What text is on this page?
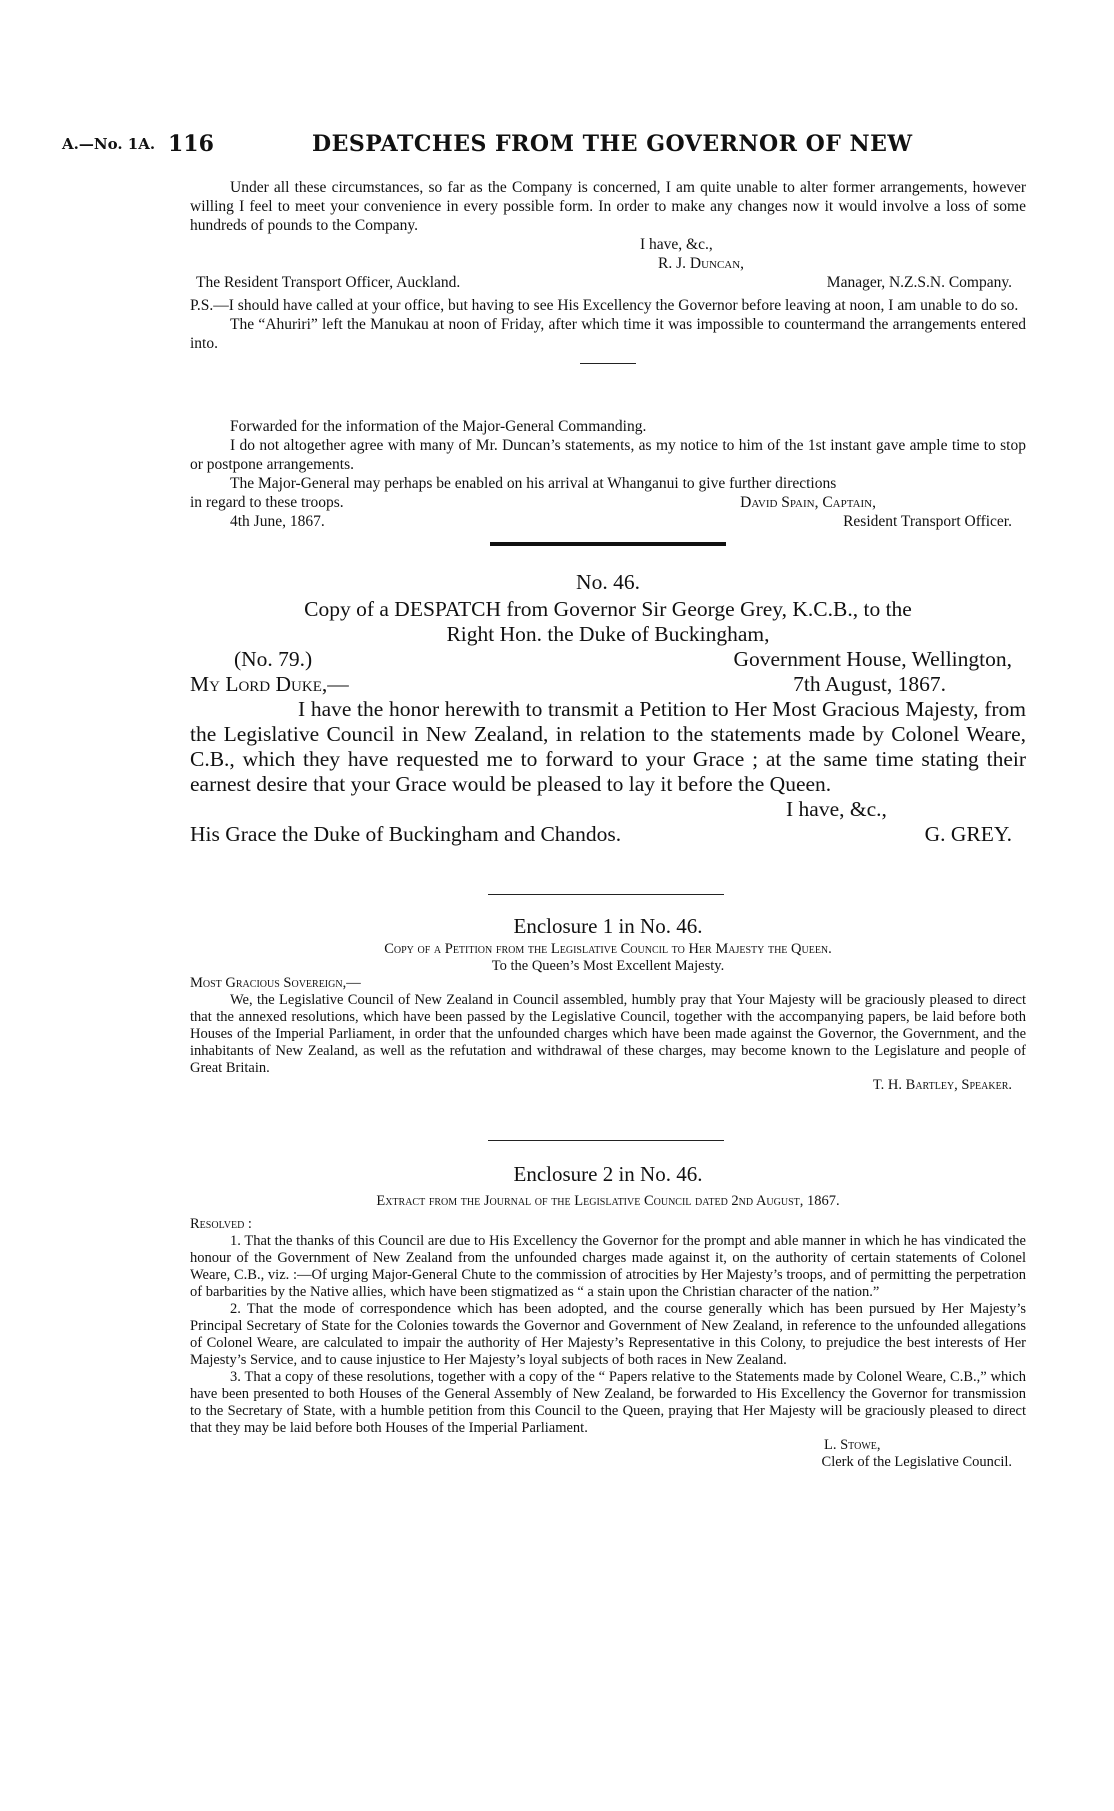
A.—No. 1A. 116	DESPATCHES FROM THE GOVERNOR OF NEW

Under all these circumstances, so far as the Company is concerned, I am quite unable to alter former arrangements, however willing I feel to meet your convenience in every possible form. In order to make any changes now it would involve a loss of some hundreds of pounds to the Company.

I have, &c.,

R. J. Duncan,

The Resident Transport Officer, Auckland.	Manager, N.Z.S.N. Company.

P.S.—I should have called at your office, but having to see His Excellency the Governor before leaving at noon, I am unable to do so.

The “Ahuriri” left the Manukau at noon of Friday, after which time it was impossible to countermand the arrangements entered into.

Forwarded for the information of the Major-General Commanding.

I do not altogether agree with many of Mr. Duncan’s statements, as my notice to him of the 1st instant gave ample time to stop or postpone arrangements.

The Major-General may perhaps be enabled on his arrival at Whanganui to give further directions

in regard to these troops.	David Spain, Captain,
4th June, 1867.	Resident Transport Officer.

No. 46.

Copy of a DESPATCH from Governor Sir George Grey, K.C.B., to the

Right Hon. the Duke of Buckingham,

(No. 79.)	Government House, Wellington,
My Lord Duke,—	7th August, 1867.

I have the honor herewith to transmit a Petition to Her Most Gracious Majesty, from the Legislative Council in New Zealand, in relation to the statements made by Colonel Weare, C.B., which they have requested me to forward to your Grace ; at the same time stating their earnest desire that your Grace would be pleased to lay it before the Queen.

I have, &c.,

His Grace the Duke of Buckingham and Chandos.	G. GREY.

Enclosure 1 in No. 46.

Copy of a Petition from the Legislative Council to Her Majesty the Queen.

To the Queen’s Most Excellent Majesty.

Most Gracious Sovereign,—

We, the Legislative Council of New Zealand in Council assembled, humbly pray that Your Majesty will be graciously pleased to direct that the annexed resolutions, which have been passed by the Legislative Council, together with the accompanying papers, be laid before both Houses of the Imperial Parliament, in order that the unfounded charges which have been made against the Governor, the Government, and the inhabitants of New Zealand, as well as the refutation and withdrawal of these charges, may become known to the Legislature and people of Great Britain.

T. H. Bartley, Speaker.

Enclosure 2 in No. 46.

Extract from the Journal of the Legislative Council dated 2nd August, 1867.

Resolved :

1. That the thanks of this Council are due to His Excellency the Governor for the prompt and able manner in which he has vindicated the honour of the Government of New Zealand from the unfounded charges made against it, on the authority of certain statements of Colonel Weare, C.B., viz. :—Of urging Major-General Chute to the commission of atrocities by Her Majesty’s troops, and of permitting the perpetration of barbarities by the Native allies, which have been stigmatized as “ a stain upon the Christian character of the nation.”

2. That the mode of correspondence which has been adopted, and the course generally which has been pursued by Her Majesty’s Principal Secretary of State for the Colonies towards the Governor and Government of New Zealand, in reference to the unfounded allegations of Colonel Weare, are calculated to impair the authority of Her Majesty’s Representative in this Colony, to prejudice the best interests of Her Majesty’s Service, and to cause injustice to Her Majesty’s loyal subjects of both races in New Zealand.

3. That a copy of these resolutions, together with a copy of the “ Papers relative to the Statements made by Colonel Weare, C.B.,” which have been presented to both Houses of the General Assembly of New Zealand, be forwarded to His Excellency the Governor for transmission to the Secretary of State, with a humble petition from this Council to the Queen, praying that Her Majesty will be graciously pleased to direct that they may be laid before both Houses of the Imperial Parliament.

L. Stowe,

Clerk of the Legislative Council.
